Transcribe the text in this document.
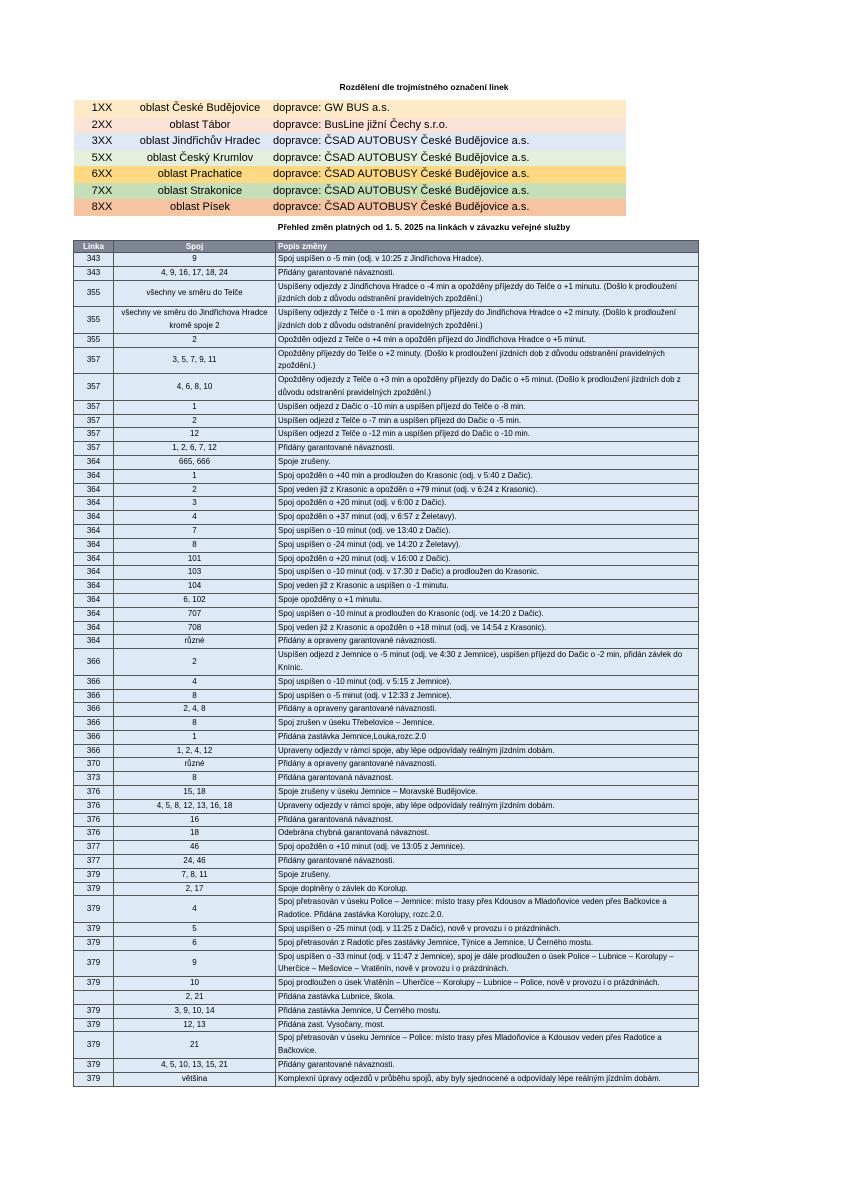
Rozdělení dle trojmístného označení linek
1XX	oblast České Budějovice	dopravce: GW BUS a.s.
2XX	oblast Tábor	dopravce: BusLine jižní Čechy s.r.o.
3XX	oblast Jindřichův Hradec	dopravce: ČSAD AUTOBUSY České Budějovice a.s.
5XX	oblast Český Krumlov	dopravce: ČSAD AUTOBUSY České Budějovice a.s.
6XX	oblast Prachatice	dopravce: ČSAD AUTOBUSY České Budějovice a.s.
7XX	oblast Strakonice	dopravce: ČSAD AUTOBUSY České Budějovice a.s.
8XX	oblast Písek	dopravce: ČSAD AUTOBUSY České Budějovice a.s.
Přehled změn platných od 1. 5. 2025 na linkách v závazku veřejné služby
Linka	Spoj	Popis změny
343	9	Spoj uspíšen o -5 min (odj. v 10:25 z Jindřichova Hradce).
343	4, 9, 16, 17, 18, 24	Přidány garantované návaznosti.
355	všechny ve směru do Telče	Uspíšeny odjezdy z Jindřichova Hradce o -4 min a opožděny příjezdy do Telče o +1 minutu. (Došlo k prodloužení jízdních dob z důvodu odstranění pravidelných zpoždění.)
355	všechny ve směru do Jindřichova Hradce kromě spoje 2	Uspíšeny odjezdy z Telče o -1 min a opožděny příjezdy do Jindřichova Hradce o +2 minuty. (Došlo k prodloužení jízdních dob z důvodu odstranění pravidelných zpoždění.)
355	2	Opožděn odjezd z Telče o +4 min a opožděn příjezd do Jindřichova Hradce o +5 minut.
357	3, 5, 7, 9, 11	Opožděny příjezdy do Telče o +2 minuty. (Došlo k prodloužení jízdních dob z důvodu odstranění pravidelných zpoždění.)
357	4, 6, 8, 10	Opožděny odjezdy z Telče o +3 min a opožděny příjezdy do Dačic o +5 minut. (Došlo k prodloužení jízdních dob z důvodu odstranění pravidelných zpoždění.)
357	1	Uspíšen odjezd z Dačic o -10 min a uspíšen příjezd do Telče o -8 min.
357	2	Uspíšen odjezd z Telče o -7 min a uspíšen příjezd do Dačic o -5 min.
357	12	Uspíšen odjezd z Telče o -12 min a uspíšen příjezd do Dačic o -10 min.
357	1, 2, 6, 7, 12	Přidány garantované návaznosti.
364	665, 666	Spoje zrušeny.
364	1	Spoj opožděn o +40 min a prodloužen do Krasonic (odj. v 5:40 z Dačic).
364	2	Spoj veden již z Krasonic a opožděn o +79 minut (odj. v 6:24 z Krasonic).
364	3	Spoj opožděn o +20 minut (odj. v 6:00 z Dačic).
364	4	Spoj opožděn o +37 minut (odj. v 6:57 z Želetavy).
364	7	Spoj uspíšen o -10 minut (odj. ve 13:40 z Dačic).
364	8	Spoj uspíšen o -24 minut (odj. ve 14:20 z Želetavy).
364	101	Spoj opožděn o +20 minut (odj. v 16:00 z Dačic).
364	103	Spoj uspíšen o -10 minut (odj. v 17:30 z Dačic) a prodloužen do Krasonic.
364	104	Spoj veden již z Krasonic a uspíšen o -1 minutu.
364	6, 102	Spoje opožděny o +1 minutu.
364	707	Spoj uspíšen o -10 minut a prodloužen do Krasonic (odj. ve 14:20 z Dačic).
364	708	Spoj veden již z Krasonic a opožděn o +18 minut (odj. ve 14:54 z Krasonic).
364	různé	Přidány a opraveny garantované návaznosti.
366	2	Uspíšen odjezd z Jemnice o -5 minut (odj. ve 4:30 z Jemnice), uspíšen příjezd do Dačic o -2 min, přidán závlek do Knínic.
366	4	Spoj uspíšen o -10 minut (odj. v 5:15 z Jemnice).
366	8	Spoj uspíšen o -5 minut (odj. v 12:33 z Jemnice).
366	2, 4, 8	Přidány a opraveny garantované návaznosti.
366	8	Spoj zrušen v úseku Třebelovice – Jemnice.
366	1	Přidána zastávka Jemnice,Louka,rozc.2.0
366	1, 2, 4, 12	Upraveny odjezdy v rámci spoje, aby lépe odpovídaly reálným jízdním dobám.
370	různé	Přidány a opraveny garantované návaznosti.
373	8	Přidána garantovaná návaznost.
376	15, 18	Spoje zrušeny v úseku Jemnice – Moravské Budějovice.
376	4, 5, 8, 12, 13, 16, 18	Upraveny odjezdy v rámci spoje, aby lépe odpovídaly reálným jízdním dobám.
376	16	Přidána garantovaná návaznost.
376	18	Odebrána chybná garantovaná návaznost.
377	46	Spoj opožděn o +10 minut (odj. ve 13:05 z Jemnice).
377	24, 46	Přidány garantované návaznosti.
379	7, 8, 11	Spoje zrušeny.
379	2, 17	Spoje doplněny o závlek do Korolup.
379	4	Spoj přetrasován v úseku Police – Jemnice: místo trasy přes Kdousov a Mladoňovice veden přes Bačkovice a Radotice. Přidána zastávka Korolupy, rozc.2.0.
379	5	Spoj uspíšen o -25 minut (odj. v 11:25 z Dačic), nově v provozu i o prázdninách.
379	6	Spoj přetrasován z Radotic přes zastávky Jemnice, Týnice a Jemnice, U Černého mostu.
379	9	Spoj uspíšen o -33 minut (odj. v 11:47 z Jemnice), spoj je dále prodloužen o úsek Police – Lubnice – Korolupy – Uherčice – Mešovice – Vratěnín, nově v provozu i o prázdninách.
379	10	Spoj prodloužen o úsek Vratěnín – Uherčice – Korolupy – Lubnice – Police, nově v provozu i o prázdninách.
	2, 21	Přidána zastávka Lubnice, škola.
379	3, 9, 10, 14	Přidána zastávka Jemnice, U Černého mostu.
379	12, 13	Přidána zast. Vysočany, most.
379	21	Spoj přetrasován v úseku Jemnice – Police: místo trasy přes Mladoňovice a Kdousov veden přes Radotice a Bačkovice.
379	4, 5, 10, 13, 15, 21	Přidány garantované návaznosti.
379	většina	Komplexní úpravy odjezdů v průběhu spojů, aby byly sjednocené a odpovídaly lépe reálným jízdním dobám.
